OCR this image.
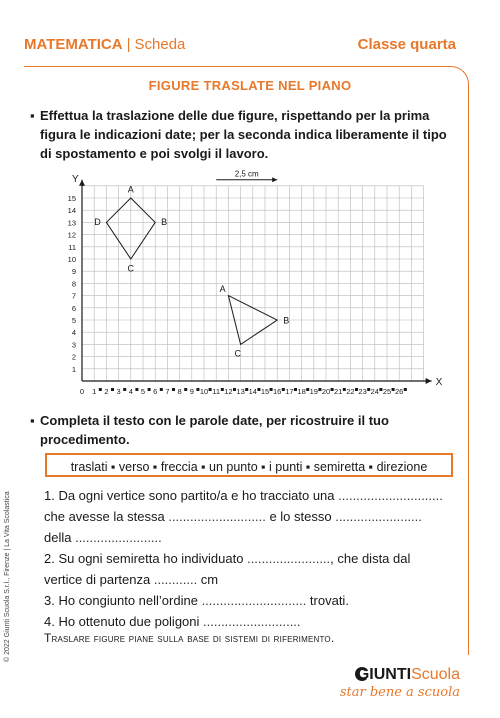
MATEMATICA | Scheda	Classe quarta
FIGURE TRASLATE NEL PIANO
▪ Effettua la traslazione delle due figure, rispettando per la prima figura le indicazioni date; per la seconda indica liberamente il tipo di spostamento e poi svolgi il lavoro.
X
Y
0 1 2 3 4 5 6 7 8 9 10 11 12 13 14 15 16 17 18 19 20 21 22 23 24 25 26
1
2
3
4
5
6
7
8
9
10
11
12
13
14
15
A
B
C
D
A
B
C
2,5 cm
▪ Completa il testo con le parole date, per ricostruire il tuo procedimento.
traslati ▪ verso ▪ freccia ▪ un punto ▪ i punti ▪ semiretta ▪ direzione
1. Da ogni vertice sono partito/a e ho tracciato una .............................
che avesse la stessa ........................... e lo stesso ........................
della ........................
2. Su ogni semiretta ho individuato ......................., che dista dal
vertice di partenza ............ cm
3. Ho congiunto nell’ordine ............................. trovati.
4. Ho ottenuto due poligoni ...........................
Traslare figure piane sulla base di sistemi di riferimento.
© 2022 Giunti Scuola S.r.l., Firenze | La Vita Scolastica
GIUNTIScuola
star bene a scuola
